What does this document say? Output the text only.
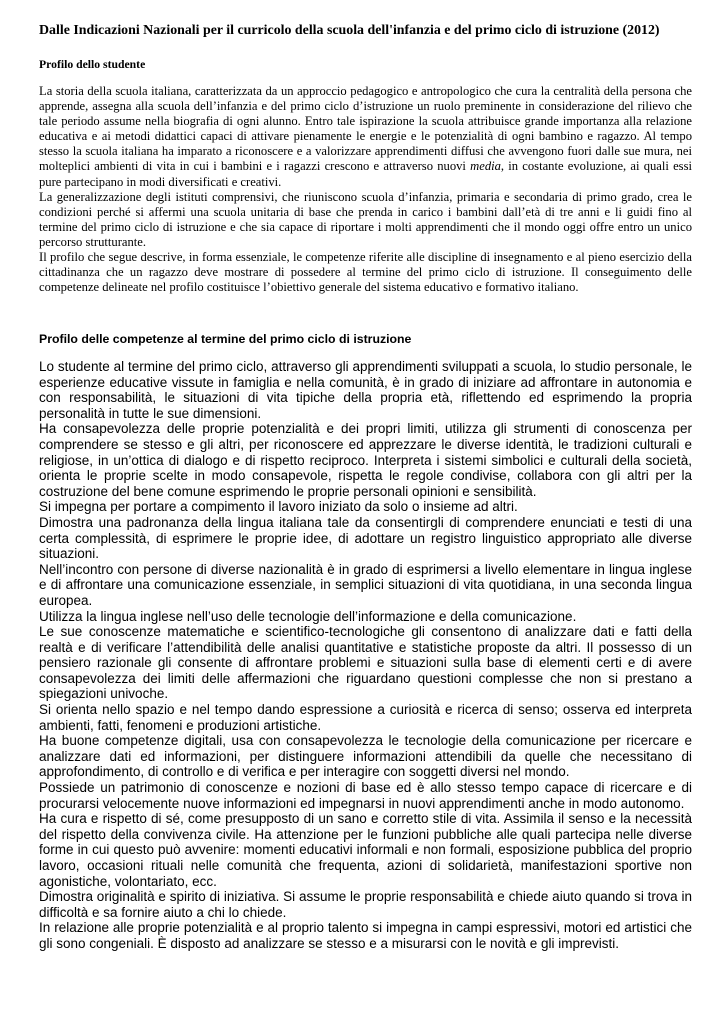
Dalle Indicazioni Nazionali per il curricolo della scuola dell'infanzia e del primo ciclo di istruzione (2012)
Profilo dello studente

La storia della scuola italiana, caratterizzata da un approccio pedagogico e antropologico che cura la centralità della persona che apprende, assegna alla scuola dell’infanzia e del primo ciclo d’istruzione un ruolo preminente in considerazione del rilievo che tale periodo assume nella biografia di ogni alunno. Entro tale ispirazione la scuola attribuisce grande importanza alla relazione educativa e ai metodi didattici capaci di attivare pienamente le energie e le potenzialità di ogni bambino e ragazzo. Al tempo stesso la scuola italiana ha imparato a riconoscere e a valorizzare apprendimenti diffusi che avvengono fuori dalle sue mura, nei molteplici ambienti di vita in cui i bambini e i ragazzi crescono e attraverso nuovi media, in costante evoluzione, ai quali essi pure partecipano in modi diversificati e creativi.

La generalizzazione degli istituti comprensivi, che riuniscono scuola d’infanzia, primaria e secondaria di primo grado, crea le condizioni perché si affermi una scuola unitaria di base che prenda in carico i bambini dall’età di tre anni e li guidi fino al termine del primo ciclo di istruzione e che sia capace di riportare i molti apprendimenti che il mondo oggi offre entro un unico percorso strutturante.

Il profilo che segue descrive, in forma essenziale, le competenze riferite alle discipline di insegnamento e al pieno esercizio della cittadinanza che un ragazzo deve mostrare di possedere al termine del primo ciclo di istruzione. Il conseguimento delle competenze delineate nel profilo costituisce l’obiettivo generale del sistema educativo e formativo italiano.

Profilo delle competenze al termine del primo ciclo di istruzione

Lo studente al termine del primo ciclo, attraverso gli apprendimenti sviluppati a scuola, lo studio personale, le esperienze educative vissute in famiglia e nella comunità, è in grado di iniziare ad affrontare in autonomia e con responsabilità, le situazioni di vita tipiche della propria età, riflettendo ed esprimendo la propria personalità in tutte le sue dimensioni.

Ha consapevolezza delle proprie potenzialità e dei propri limiti, utilizza gli strumenti di conoscenza per comprendere se stesso e gli altri, per riconoscere ed apprezzare le diverse identità, le tradizioni culturali e religiose, in un’ottica di dialogo e di rispetto reciproco. Interpreta i sistemi simbolici e culturali della società, orienta le proprie scelte in modo consapevole, rispetta le regole condivise, collabora con gli altri per la costruzione del bene comune esprimendo le proprie personali opinioni e sensibilità.

Si impegna per portare a compimento il lavoro iniziato da solo o insieme ad altri.

Dimostra una padronanza della lingua italiana tale da consentirgli di comprendere enunciati e testi di una certa complessità, di esprimere le proprie idee, di adottare un registro linguistico appropriato alle diverse situazioni.

Nell’incontro con persone di diverse nazionalità è in grado di esprimersi a livello elementare in lingua inglese e di affrontare una comunicazione essenziale, in semplici situazioni di vita quotidiana, in una seconda lingua europea.

Utilizza la lingua inglese nell’uso delle tecnologie dell’informazione e della comunicazione.

Le sue conoscenze matematiche e scientifico-tecnologiche gli consentono di analizzare dati e fatti della realtà e di verificare l’attendibilità delle analisi quantitative e statistiche proposte da altri. Il possesso di un pensiero razionale gli consente di affrontare problemi e situazioni sulla base di elementi certi e di avere consapevolezza dei limiti delle affermazioni che riguardano questioni complesse che non si prestano a spiegazioni univoche.

Si orienta nello spazio e nel tempo dando espressione a curiosità e ricerca di senso; osserva ed interpreta ambienti, fatti, fenomeni e produzioni artistiche.

Ha buone competenze digitali, usa con consapevolezza le tecnologie della comunicazione per ricercare e analizzare dati ed informazioni, per distinguere informazioni attendibili da quelle che necessitano di approfondimento, di controllo e di verifica e per interagire con soggetti diversi nel mondo.

Possiede un patrimonio di conoscenze e nozioni di base ed è allo stesso tempo capace di ricercare e di procurarsi velocemente nuove informazioni ed impegnarsi in nuovi apprendimenti anche in modo autonomo.

Ha cura e rispetto di sé, come presupposto di un sano e corretto stile di vita. Assimila il senso e la necessità del rispetto della convivenza civile. Ha attenzione per le funzioni pubbliche alle quali partecipa nelle diverse forme in cui questo può avvenire: momenti educativi informali e non formali, esposizione pubblica del proprio lavoro, occasioni rituali nelle comunità che frequenta, azioni di solidarietà, manifestazioni sportive non agonistiche, volontariato, ecc.

Dimostra originalità e spirito di iniziativa. Si assume le proprie responsabilità e chiede aiuto quando si trova in difficoltà e sa fornire aiuto a chi lo chiede.

In relazione alle proprie potenzialità e al proprio talento si impegna in campi espressivi, motori ed artistici che gli sono congeniali. È disposto ad analizzare se stesso e a misurarsi con le novità e gli imprevisti.
